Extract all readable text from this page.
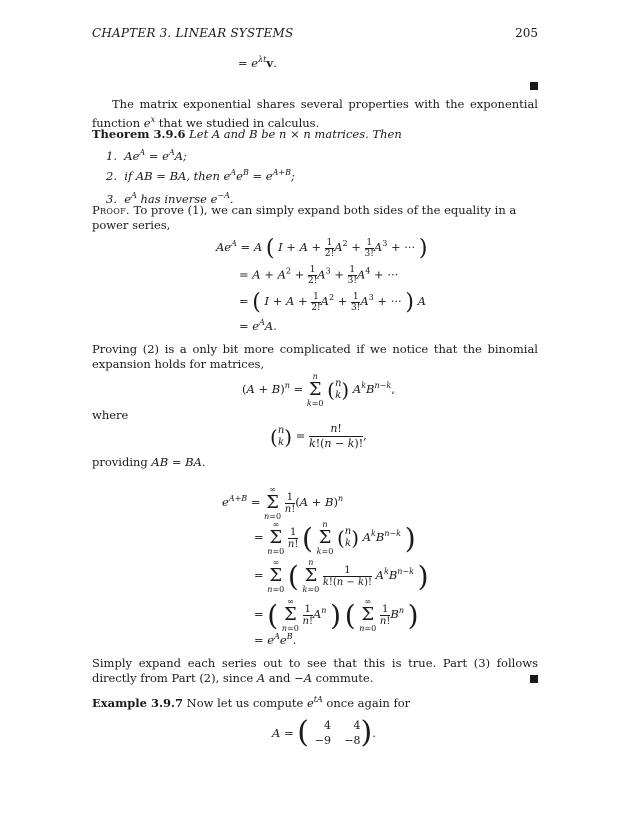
CHAPTER 3. LINEAR SYSTEMS	205
= $e^{\lambda t}v$.
The matrix exponential shares several properties with the exponential function $e^x$ that we studied in calculus.
Theorem 3.9.6 Let A and B be n × n matrices. Then
1.  $Ae^A = e^AA$;
2.  if AB = BA, then $e^Ae^B = e^{A+B}$;
3.  $e^A$ has inverse $e^{-A}$.
Proof. To prove (1), we can simply expand both sides of the equality in a power series,
$Ae^A = A$ ( $I + A + \frac{1}{2!} A^2 + \frac{1}{3!} A^3$ + ··· )
= $A + A^2 + \frac{1}{2!} A^3 + \frac{1}{3!} A^4$ + ···
= ( $I + A + \frac{1}{2!} A^2 + \frac{1}{3!} A^3$ + ··· ) A
= $e^AA$.
Proving (2) is a only bit more complicated if we notice that the binomial expansion holds for matrices,
$(A + B)^n$ =
n
Σ
k=0
( n
k ) $A^kB^{n-k}$,
where
( n
k ) = $\frac{n!}{k!(n - k)!}$ ,
providing AB = BA.
$e^{A+B}$ =
∞
Σ
n=0

$\frac{1}{n!} (A + B)^n$
=
∞
Σ
n=0

$\frac{1}{n!}$ (	n
Σ
k=0
( n
k ) $A^kB^{n-k}$ )
=
∞
Σ
n=0 (	n
Σ
k=0

$\frac{1}{k!(n - k)!} A^kB^{n-k}$ )
= (	∞
Σ
n=0

$\frac{1}{n!} A^n$ ) (	∞
Σ
n=0

$\frac{1}{n!} B^n$ )
= $e^Ae^B$.
Simply expand each series out to see that this is true. Part (3) follows directly from Part (2), since A and −A commute.
Example 3.9.7 Now let us compute $e^{tA}$ once again for
A = (	4 4
−9 −8 ).
